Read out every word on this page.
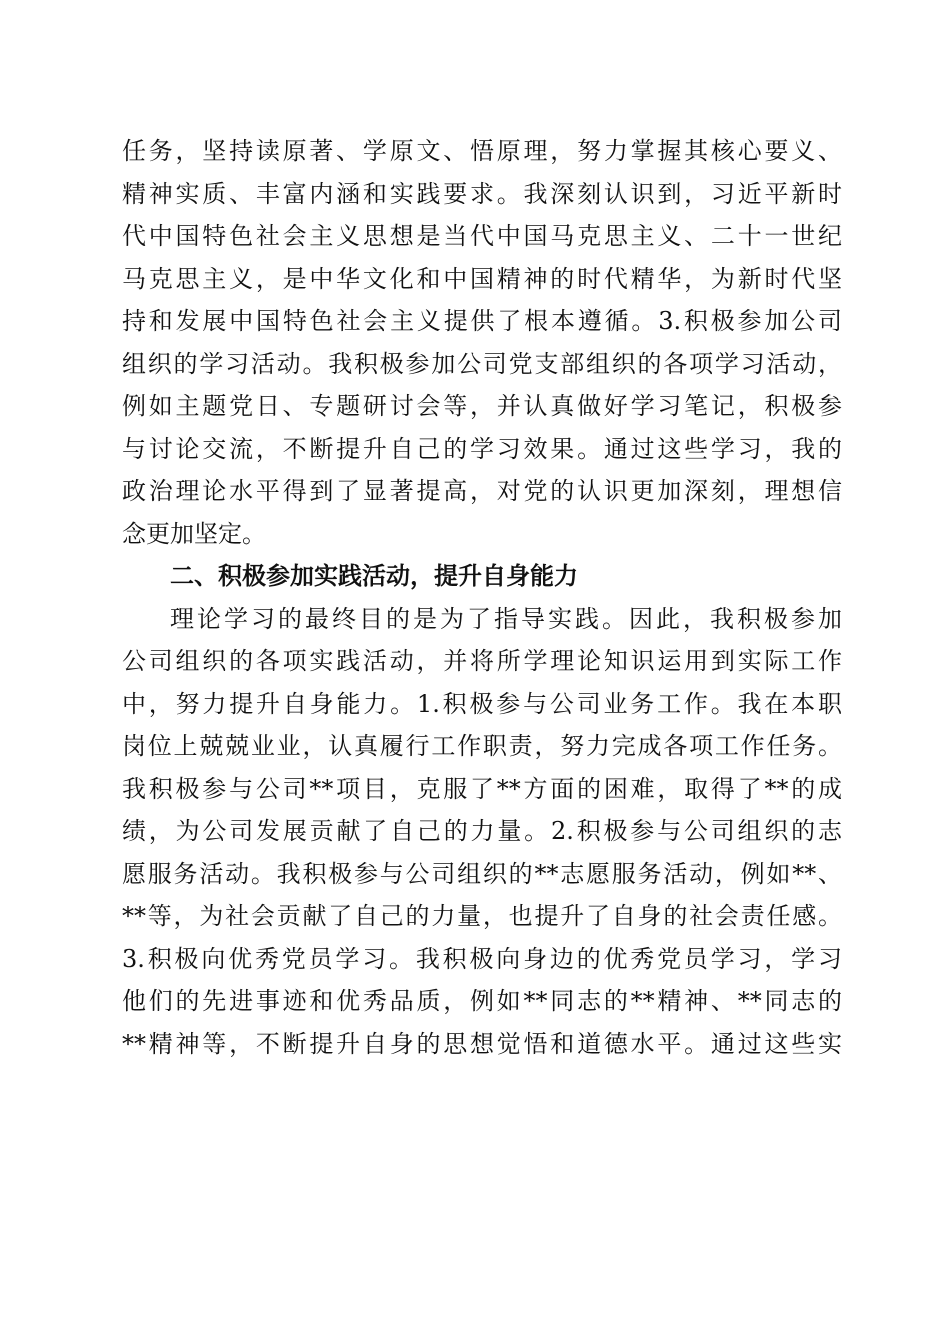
任务，坚持读原著、学原文、悟原理，努力掌握其核心要义、
精神实质、丰富内涵和实践要求。我深刻认识到，习近平新时
代中国特色社会主义思想是当代中国马克思主义、二十一世纪
马克思主义，是中华文化和中国精神的时代精华，为新时代坚
持和发展中国特色社会主义提供了根本遵循。3.积极参加公司
组织的学习活动。我积极参加公司党支部组织的各项学习活动，
例如主题党日、专题研讨会等，并认真做好学习笔记，积极参
与讨论交流，不断提升自己的学习效果。通过这些学习，我的
政治理论水平得到了显著提高，对党的认识更加深刻，理想信
念更加坚定。
二、积极参加实践活动，提升自身能力
理论学习的最终目的是为了指导实践。因此，我积极参加
公司组织的各项实践活动，并将所学理论知识运用到实际工作
中，努力提升自身能力。1.积极参与公司业务工作。我在本职
岗位上兢兢业业，认真履行工作职责，努力完成各项工作任务。
我积极参与公司**项目，克服了**方面的困难，取得了**的成
绩，为公司发展贡献了自己的力量。2.积极参与公司组织的志
愿服务活动。我积极参与公司组织的**志愿服务活动，例如**、
**等，为社会贡献了自己的力量，也提升了自身的社会责任感。
3.积极向优秀党员学习。我积极向身边的优秀党员学习，学习
他们的先进事迹和优秀品质，例如**同志的**精神、**同志的
**精神等，不断提升自身的思想觉悟和道德水平。通过这些实
